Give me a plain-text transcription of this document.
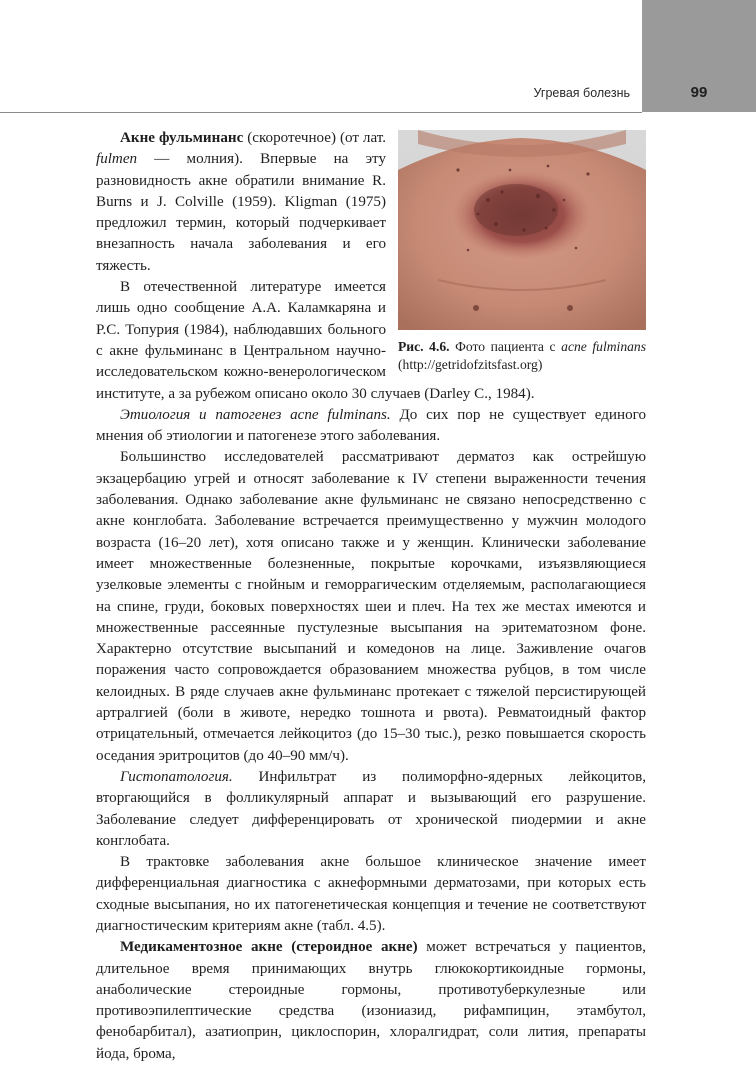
Угревая болезнь	99
Рис. 4.6. Фото пациента с acne fulminans (http://getridofzitsfast.org)

Акне фульминанс (скоротечное) (от лат. fulmen — молния). Впервые на эту разновидность акне обратили внимание R. Burns и J. Colville (1959). Kligman (1975) предложил термин, который подчеркивает внезапность начала заболевания и его тяжесть.

В отечественной литературе имеется лишь одно сообщение А.А. Каламкаряна и Р.С. Топурия (1984), наблюдавших больного с акне фульминанс в Центральном научно-исследовательском кожно-венерологическом институте, а за рубежом описано около 30 случаев (Darley C., 1984).

Этиология и патогенез acne fulminans. До сих пор не существует единого мнения об этиологии и патогенезе этого заболевания.

Большинство исследователей рассматривают дерматоз как острейшую экзацербацию угрей и относят заболевание к IV степени выраженности течения заболевания. Однако заболевание акне фульминанс не связано непосредственно с акне конглобата. Заболевание встречается преимущественно у мужчин молодого возраста (16–20 лет), хотя описано также и у женщин. Клинически заболевание имеет множественные болезненные, покрытые корочками, изъязвляющиеся узелковые элементы с гнойным и геморрагическим отделяемым, располагающиеся на спине, груди, боковых поверхностях шеи и плеч. На тех же местах имеются и множественные рассеянные пустулезные высыпания на эритематозном фоне. Характерно отсутствие высыпаний и комедонов на лице. Заживление очагов поражения часто сопровождается образованием множества рубцов, в том числе келоидных. В ряде случаев акне фульминанс протекает с тяжелой персистирующей артралгией (боли в животе, нередко тошнота и рвота). Ревматоидный фактор отрицательный, отмечается лейкоцитоз (до 15–30 тыс.), резко повышается скорость оседания эритроцитов (до 40–90 мм/ч).

Гистопатология. Инфильтрат из полиморфно-ядерных лейкоцитов, вторгающийся в фолликулярный аппарат и вызывающий его разрушение. Заболевание следует дифференцировать от хронической пиодермии и акне конглобата.

В трактовке заболевания акне большое клиническое значение имеет дифференциальная диагностика с акнеформными дерматозами, при которых есть сходные высыпания, но их патогенетическая концепция и течение не соответствуют диагностическим критериям акне (табл. 4.5).

Медикаментозное акне (стероидное акне) может встречаться у пациентов, длительное время принимающих внутрь глюкокортикоидные гормоны, анаболические стероидные гормоны, противотуберкулезные или противоэпилептические средства (изониазид, рифампицин, этамбутол, фенобарбитал), азатиоприн, циклоспорин, хлоралгидрат, соли лития, препараты йода, брома,
